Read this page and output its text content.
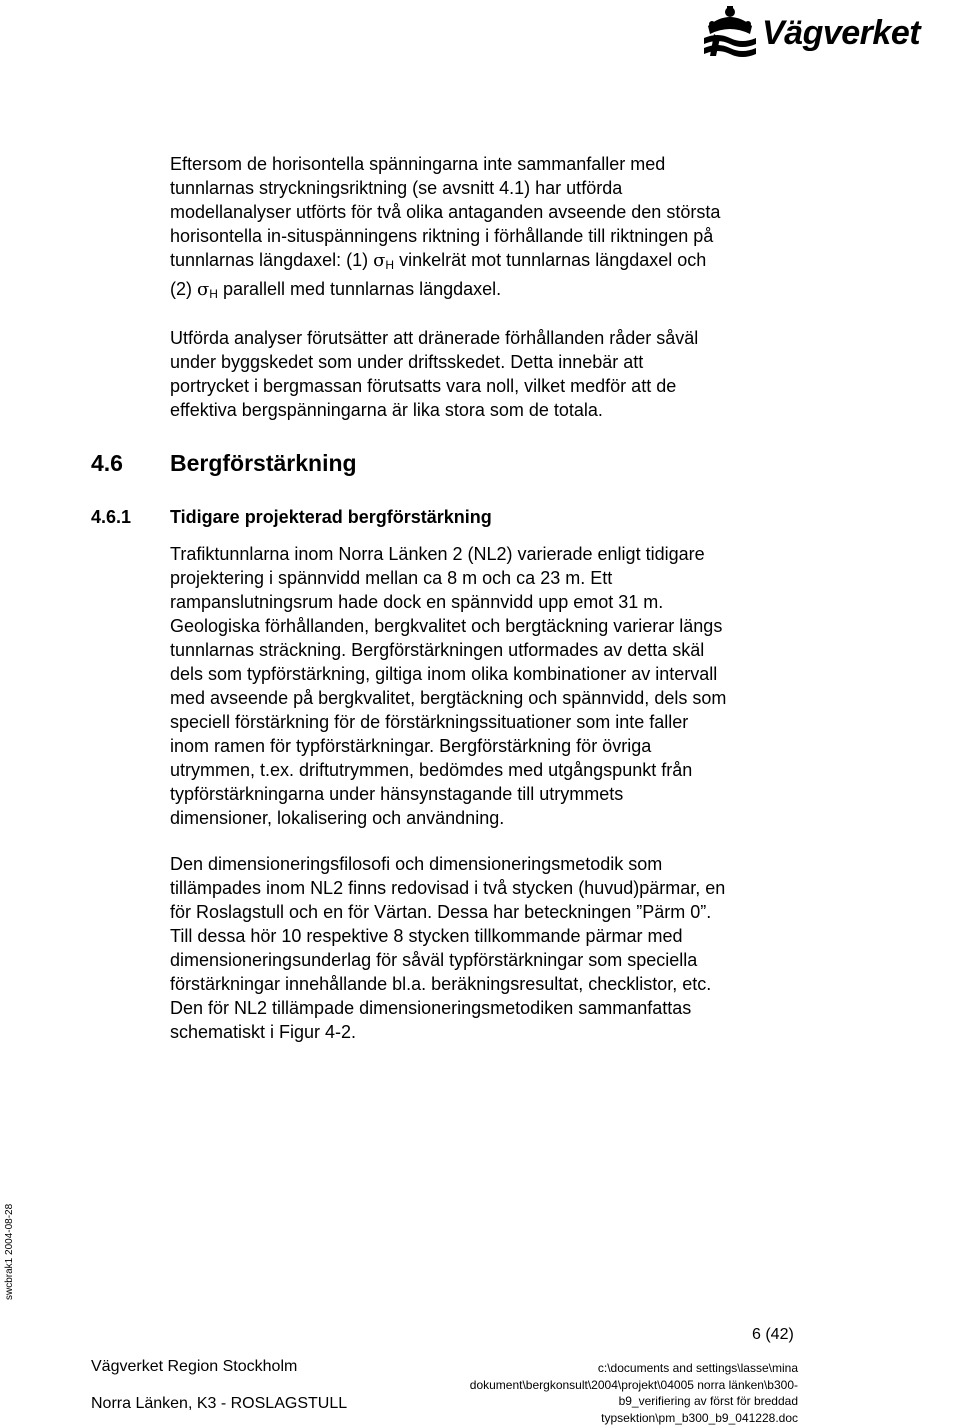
Vägverket

Eftersom de horisontella spänningarna inte sammanfaller med
tunnlarnas stryckningsriktning (se avsnitt 4.1) har utförda
modellanalyser utförts för två olika antaganden avseende den största
horisontella in-situspänningens riktning i förhållande till riktningen på
tunnlarnas längdaxel: (1) $\sigma_H$ vinkelrät mot tunnlarnas längdaxel och
(2) $\sigma_H$ parallell med tunnlarnas längdaxel.

Utförda analyser förutsätter att dränerade förhållanden råder såväl
under byggskedet som under driftsskedet. Detta innebär att
portrycket i bergmassan förutsatts vara noll, vilket medför att de
effektiva bergspänningarna är lika stora som de totala.

4.6 Bergförstärkning
4.6.1 Tidigare projekterad bergförstärkning

Trafiktunnlarna inom Norra Länken 2 (NL2) varierade enligt tidigare
projektering i spännvidd mellan ca 8 m och ca 23 m. Ett
rampanslutningsrum hade dock en spännvidd upp emot 31 m.
Geologiska förhållanden, bergkvalitet och bergtäckning varierar längs
tunnlarnas sträckning. Bergförstärkningen utformades av detta skäl
dels som typförstärkning, giltiga inom olika kombinationer av intervall
med avseende på bergkvalitet, bergtäckning och spännvidd, dels som
speciell förstärkning för de förstärkningssituationer som inte faller
inom ramen för typförstärkningar. Bergförstärkning för övriga
utrymmen, t.ex. driftutrymmen, bedömdes med utgångspunkt från
typförstärkningarna under hänsynstagande till utrymmets
dimensioner, lokalisering och användning.

Den dimensioneringsfilosofi och dimensioneringsmetodik som
tillämpades inom NL2 finns redovisad i två stycken (huvud)pärmar, en
för Roslagstull och en för Värtan. Dessa har beteckningen ”Pärm 0”.
Till dessa hör 10 respektive 8 stycken tillkommande pärmar med
dimensioneringsunderlag för såväl typförstärkningar som speciella
förstärkningar innehållande bl.a. beräkningsresultat, checklistor, etc.
Den för NL2 tillämpade dimensioneringsmetodiken sammanfattas
schematiskt i Figur 4-2.

swcbrak1 2004-08-28
6 (42)
Vägverket Region Stockholm
Norra Länken, K3 - ROSLAGSTULL
c:\documents and settings\lasse\mina
dokument\bergkonsult\2004\projekt\04005 norra länken\b300-
b9_verifiering av först för breddad
typsektion\pm_b300_b9_041228.doc
